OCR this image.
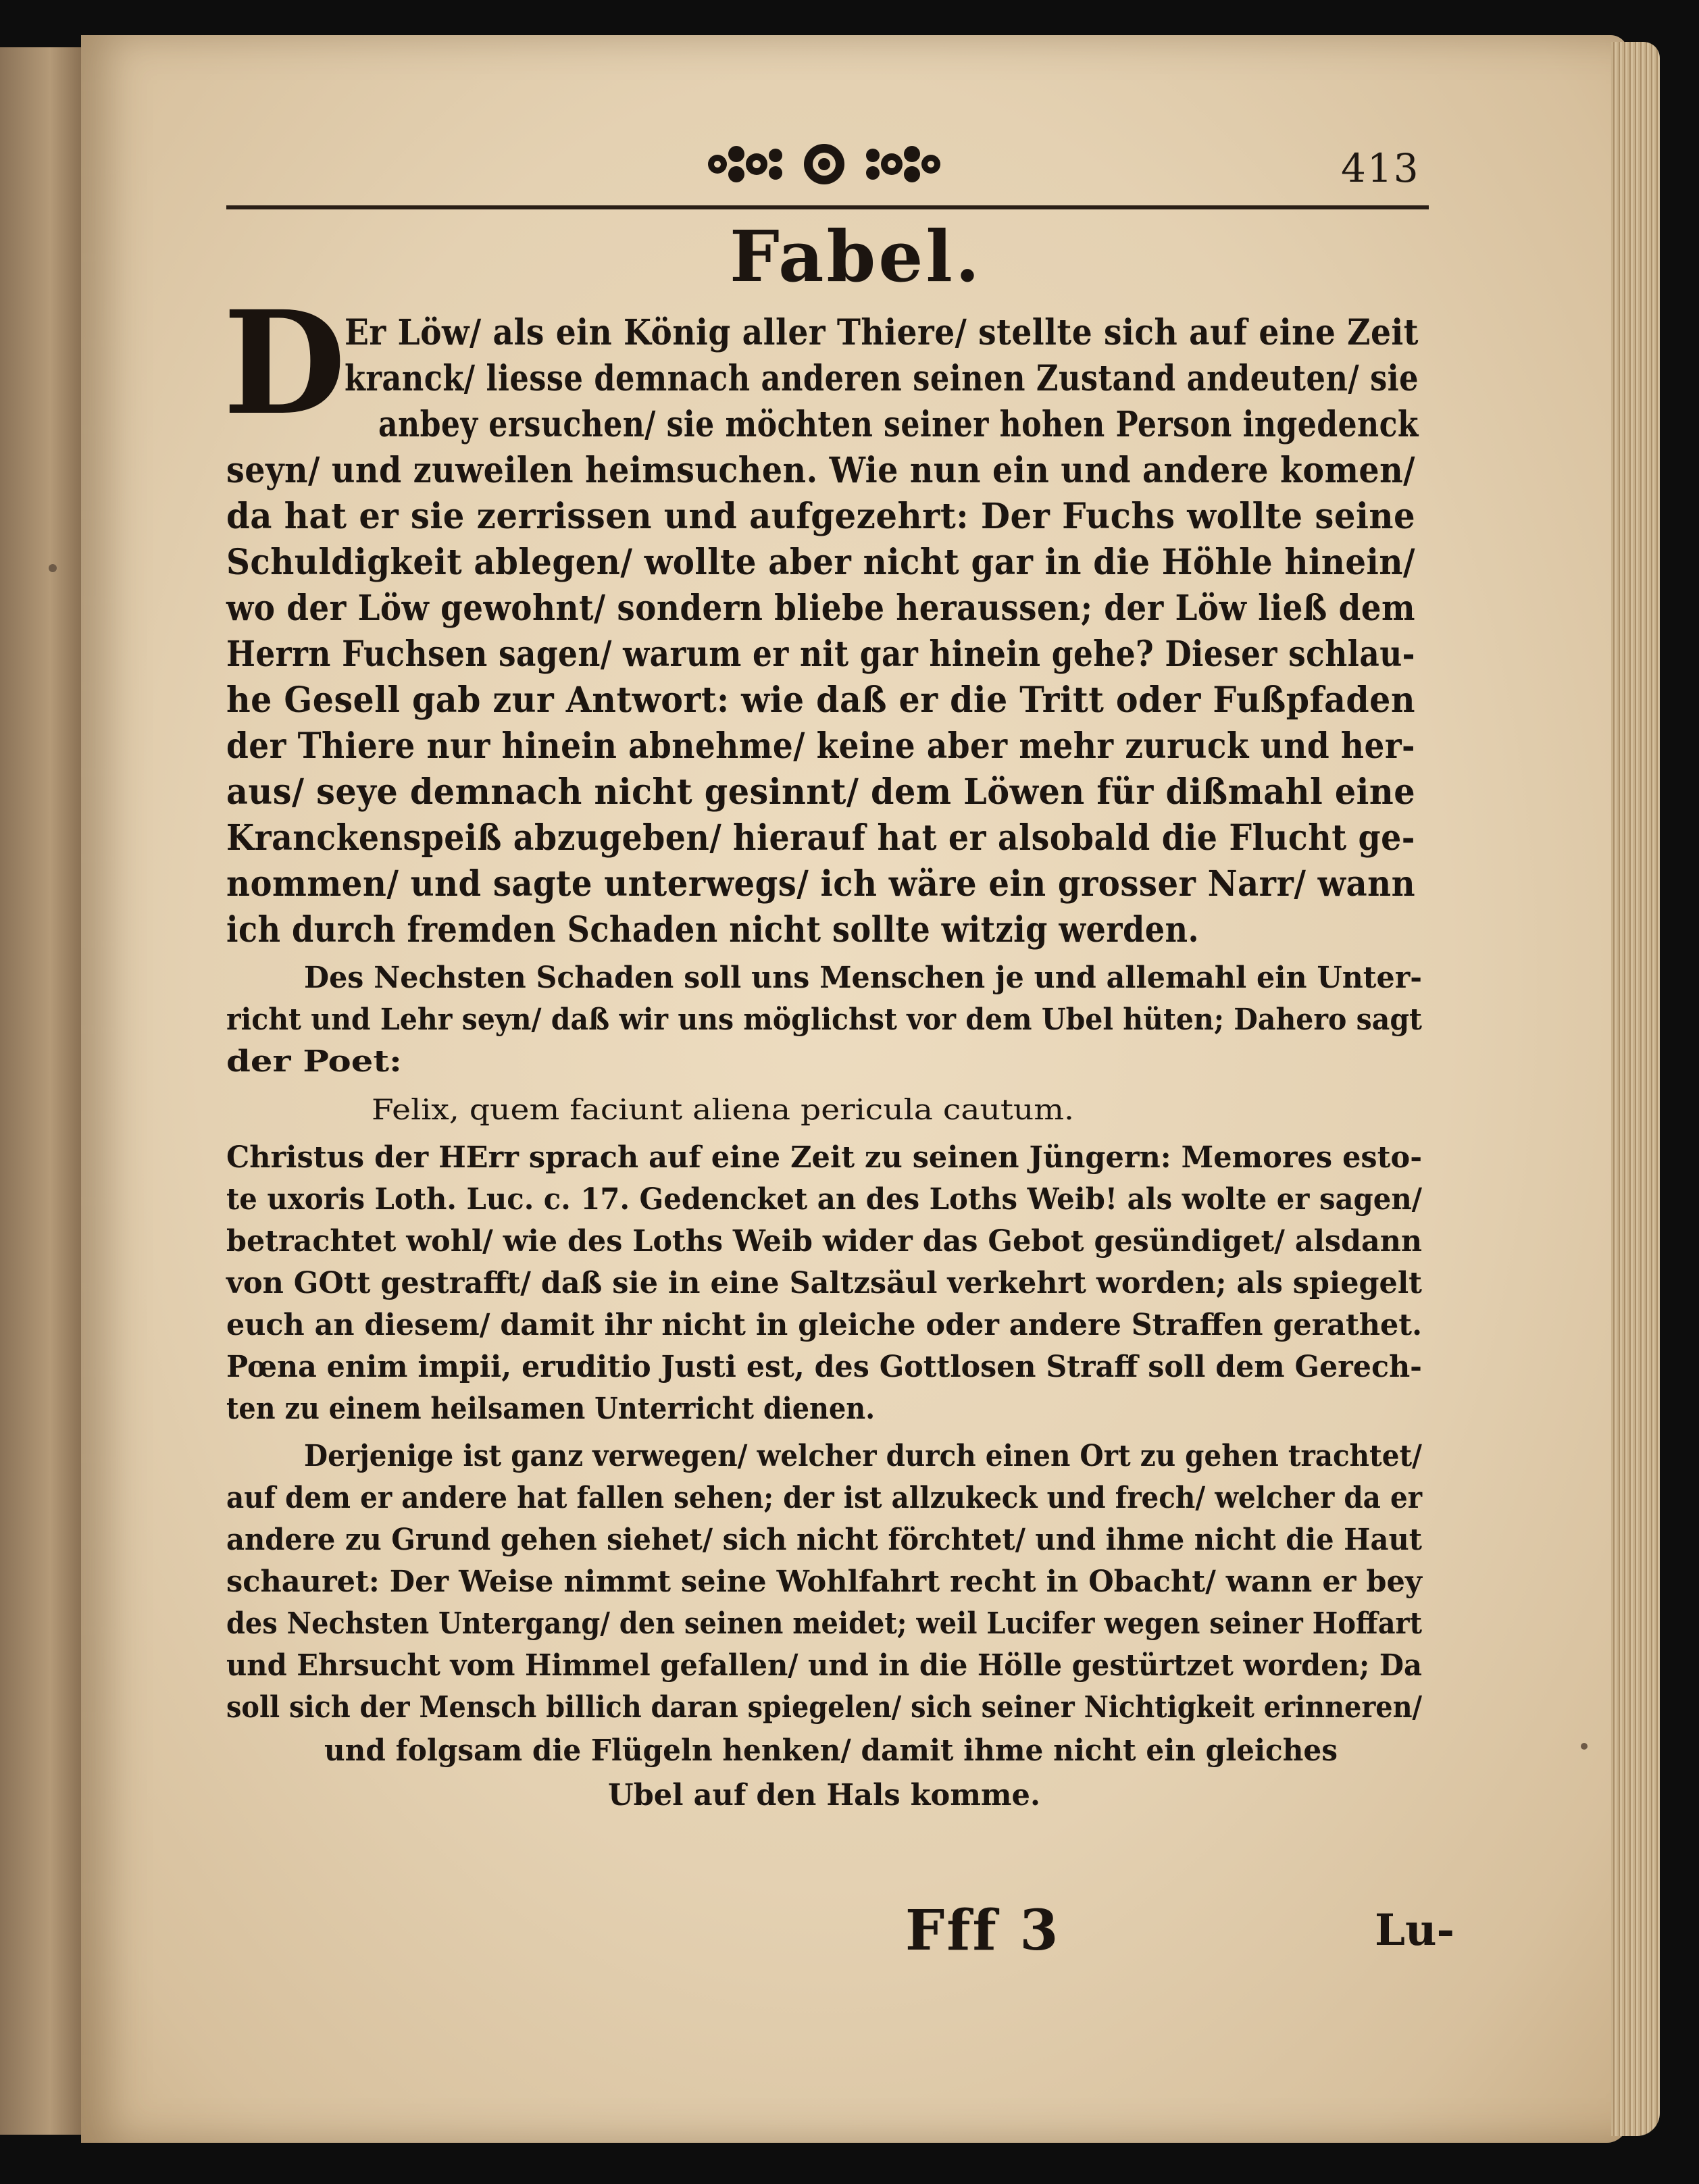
413
Fabel.
D
Er Löw/ als ein König aller Thiere/ stellte sich auf eine Zeit
kranck/ liesse demnach anderen seinen Zustand andeuten/ sie
anbey ersuchen/ sie möchten seiner hohen Person ingedenck
seyn/ und zuweilen heimsuchen. Wie nun ein und andere komen/
da hat er sie zerrissen und aufgezehrt: Der Fuchs wollte seine
Schuldigkeit ablegen/ wollte aber nicht gar in die Höhle hinein/
wo der Löw gewohnt/ sondern bliebe heraussen; der Löw ließ dem
Herrn Fuchsen sagen/ warum er nit gar hinein gehe? Dieser schlau-
he Gesell gab zur Antwort: wie daß er die Tritt oder Fußpfaden
der Thiere nur hinein abnehme/ keine aber mehr zuruck und her-
aus/ seye demnach nicht gesinnt/ dem Löwen für dißmahl eine
Kranckenspeiß abzugeben/ hierauf hat er alsobald die Flucht ge-
nommen/ und sagte unterwegs/ ich wäre ein grosser Narr/ wann
ich durch fremden Schaden nicht sollte witzig werden.
Des Nechsten Schaden soll uns Menschen je und allemahl ein Unter-
richt und Lehr seyn/ daß wir uns möglichst vor dem Ubel hüten; Dahero sagt
der Poet:
Felix, quem faciunt aliena pericula cautum.
Christus der HErr sprach auf eine Zeit zu seinen Jüngern: Memores esto-
te uxoris Loth. Luc. c. 17. Gedencket an des Loths Weib! als wolte er sagen/
betrachtet wohl/ wie des Loths Weib wider das Gebot gesündiget/ alsdann
von GOtt gestrafft/ daß sie in eine Saltzsäul verkehrt worden; als spiegelt
euch an diesem/ damit ihr nicht in gleiche oder andere Straffen gerathet.
Pœna enim impii, eruditio Justi est, des Gottlosen Straff soll dem Gerech-
ten zu einem heilsamen Unterricht dienen.
Derjenige ist ganz verwegen/ welcher durch einen Ort zu gehen trachtet/
auf dem er andere hat fallen sehen; der ist allzukeck und frech/ welcher da er
andere zu Grund gehen siehet/ sich nicht förchtet/ und ihme nicht die Haut
schauret: Der Weise nimmt seine Wohlfahrt recht in Obacht/ wann er bey
des Nechsten Untergang/ den seinen meidet; weil Lucifer wegen seiner Hoffart
und Ehrsucht vom Himmel gefallen/ und in die Hölle gestürtzet worden; Da
soll sich der Mensch billich daran spiegelen/ sich seiner Nichtigkeit erinneren/
und folgsam die Flügeln henken/ damit ihme nicht ein gleiches
Ubel auf den Hals komme.
Fff 3	Lu-
